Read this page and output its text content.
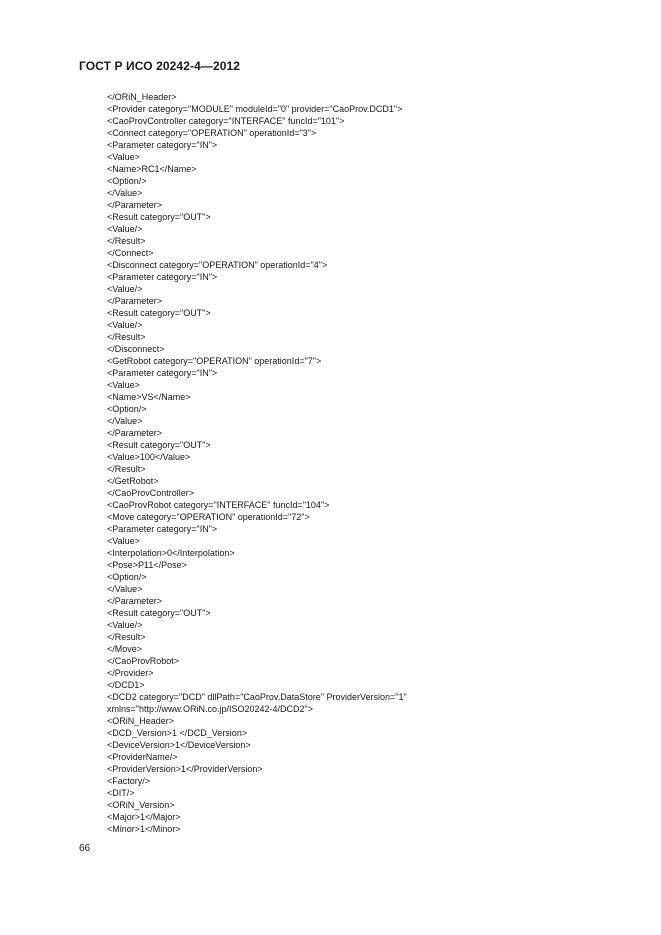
ГОСТ Р ИСО 20242-4—2012
</ORiN_Header>
<Provider category="MODULE" moduleId="0" provider="CaoProv.DCD1">
<CaoProvController category="INTERFACE" funcId="101">
<Connect category="OPERATION" operationId="3">
<Parameter category="IN">
<Value>
<Name>RC1</Name>
<Option/>
</Value>
</Parameter>
<Result category="OUT">
<Value/>
</Result>
</Connect>
<Disconnect category="OPERATION" operationId="4">
<Parameter category="IN">
<Value/>
</Parameter>
<Result category="OUT">
<Value/>
</Result>
</Disconnect>
<GetRobot category="OPERATION" operationId="7">
<Parameter category="IN">
<Value>
<Name>VS</Name>
<Option/>
</Value>
</Parameter>
<Result category="OUT">
<Value>100</Value>
</Result>
</GetRobot>
</CaoProvController>
<CaoProvRobot category="INTERFACE" funcId="104">
<Move category="OPERATION" operationId="72">
<Parameter category="IN">
<Value>
<Interpolation>0</Interpolation>
<Pose>P11</Pose>
<Option/>
</Value>
</Parameter>
<Result category="OUT">
<Value/>
</Result>
</Move>
</CaoProvRobot>
</Provider>
</DCD1>
<DCD2 category="DCD" dllPath="CaoProv.DataStore" ProviderVersion="1"
xmlns="http://www.ORiN.co.jp/ISO20242-4/DCD2">
<ORiN_Header>
<DCD_Version>1 </DCD_Version>
<DeviceVersion>1</DeviceVersion>
<ProviderName/>
<ProviderVersion>1</ProviderVersion>
<Factory/>
<DIT/>
<ORiN_Version>
<Major>1</Major>
<Minor>1</Minor>
66
